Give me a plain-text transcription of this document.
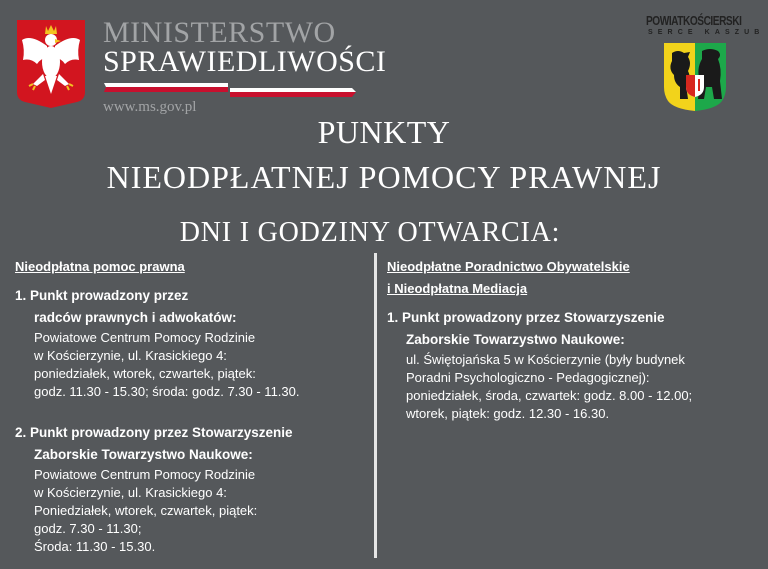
MINISTERSTWO
SPRAWIEDLIWOŚCI
www.ms.gov.pl
POWIATKOŚCIERSKI
SERCE KASZUB
PUNKTY
NIEODPŁATNEJ POMOCY PRAWNEJ
DNI I GODZINY OTWARCIA:
Nieodpłatna pomoc prawna
1. Punkt prowadzony przez
radców prawnych i adwokatów:
Powiatowe Centrum Pomocy Rodzinie
w Kościerzynie, ul. Krasickiego 4:
poniedziałek, wtorek, czwartek, piątek:
godz. 11.30 - 15.30; środa: godz. 7.30 - 11.30.
2. Punkt prowadzony przez Stowarzyszenie
Zaborskie Towarzystwo Naukowe:
Powiatowe Centrum Pomocy Rodzinie
w Kościerzynie, ul. Krasickiego 4:
Poniedziałek, wtorek, czwartek, piątek:
godz. 7.30 - 11.30;
Środa: 11.30 - 15.30.
Nieodpłatne Poradnictwo Obywatelskie
i Nieodpłatna Mediacja
1. Punkt prowadzony przez Stowarzyszenie
Zaborskie Towarzystwo Naukowe:
ul. Świętojańska 5 w Kościerzynie (były budynek
Poradni Psychologiczno - Pedagogicznej):
poniedziałek, środa, czwartek: godz. 8.00 - 12.00;
wtorek, piątek: godz. 12.30 - 16.30.
